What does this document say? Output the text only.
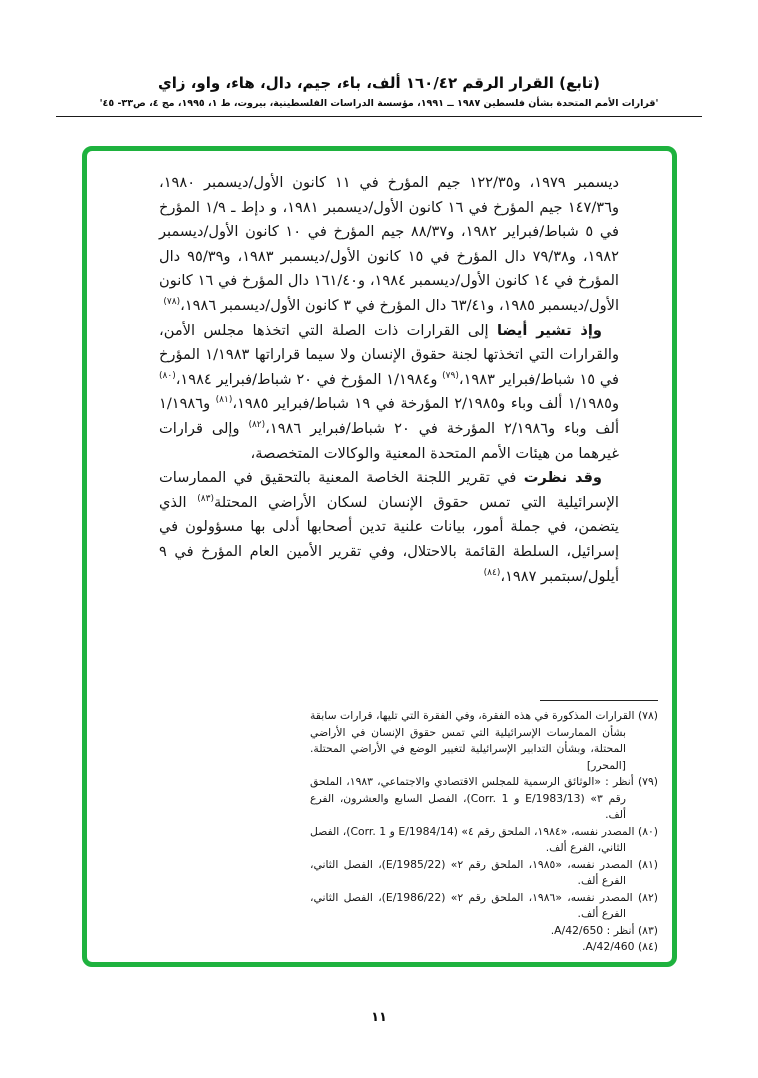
(تابع) القرار الرقم ١٦٠/٤٢ ألف، باء، جيم، دال، هاء، واو، زاي
'قرارات الأمم المتحدة بشأن فلسطين ١٩٨٧ ــ ١٩٩١، مؤسسة الدراسات الفلسطينية، بيروت، ط ١، ١٩٩٥، مج ٤، ص٣٣- ٤٥'

ديسمبر ١٩٧٩، و١٢٢/٣٥ جيم المؤرخ في ١١ كانون الأول/ديسمبر ١٩٨٠، و١٤٧/٣٦ جيم المؤرخ في ١٦ كانون الأول/ديسمبر ١٩٨١، و دإط ـ ١/٩ المؤرخ في ٥ شباط/فبراير ١٩٨٢، و٨٨/٣٧ جيم المؤرخ في ١٠ كانون الأول/ديسمبر ١٩٨٢، و٧٩/٣٨ دال المؤرخ في ١٥ كانون الأول/ديسمبر ١٩٨٣، و٩٥/٣٩ دال المؤرخ في ١٤ كانون الأول/ديسمبر ١٩٨٤، و١٦١/٤٠ دال المؤرخ في ١٦ كانون الأول/ديسمبر ١٩٨٥، و٦٣/٤١ دال المؤرخ في ٣ كانون الأول/ديسمبر ١٩٨٦،$^{(٧٨)}$

وإذ تشير أيضا إلى القرارات ذات الصلة التي اتخذها مجلس الأمن، والقرارات التي اتخذتها لجنة حقوق الإنسان ولا سيما قراراتها ١/١٩٨٣ المؤرخ في ١٥ شباط/فبراير ١٩٨٣،$^{(٧٩)}$ و١/١٩٨٤ المؤرخ في ٢٠ شباط/فبراير ١٩٨٤،$^{(٨٠)}$ و١/١٩٨٥ ألف وباء و٢/١٩٨٥ المؤرخة في ١٩ شباط/فبراير ١٩٨٥،$^{(٨١)}$ و١/١٩٨٦ ألف وباء و٢/١٩٨٦ المؤرخة في ٢٠ شباط/فبراير ١٩٨٦،$^{(٨٢)}$ وإلى قرارات غيرهما من هيئات الأمم المتحدة المعنية والوكالات المتخصصة،

وقد نظرت في تقرير اللجنة الخاصة المعنية بالتحقيق في الممارسات الإسرائيلية التي تمس حقوق الإنسان لسكان الأراضي المحتلة$^{(٨٣)}$ الذي يتضمن، في جملة أمور، بيانات علنية تدين أصحابها أدلى بها مسؤولون في إسرائيل، السلطة القائمة بالاحتلال، وفي تقرير الأمين العام المؤرخ في ٩ أيلول/سبتمبر ١٩٨٧،$^{(٨٤)}$

(٧٨) القرارات المذكورة في هذه الفقرة، وفي الفقرة التي تليها، قرارات سابقة بشأن الممارسات الإسرائيلية التي تمس حقوق الإنسان في الأراضي المحتلة، وبشأن التدابير الإسرائيلية لتغيير الوضع في الأراضي المحتلة. [المحرر]
(٧٩) أنظر : «الوثائق الرسمية للمجلس الاقتصادي والاجتماعي، ١٩٨٣، الملحق رقم ٣» (E/1983/13 و Corr. 1)، الفصل السابع والعشرون، الفرع ألف.
(٨٠) المصدر نفسه، «١٩٨٤، الملحق رقم ٤» (E/1984/14 و Corr. 1)، الفصل الثاني، الفرع ألف.
(٨١) المصدر نفسه، «١٩٨٥، الملحق رقم ٢» (E/1985/22)، الفصل الثاني، الفرع ألف.
(٨٢) المصدر نفسه، «١٩٨٦، الملحق رقم ٢» (E/1986/22)، الفصل الثاني، الفرع ألف.
(٨٣) أنظر : A/42/650.
(٨٤) A/42/460.
١١
